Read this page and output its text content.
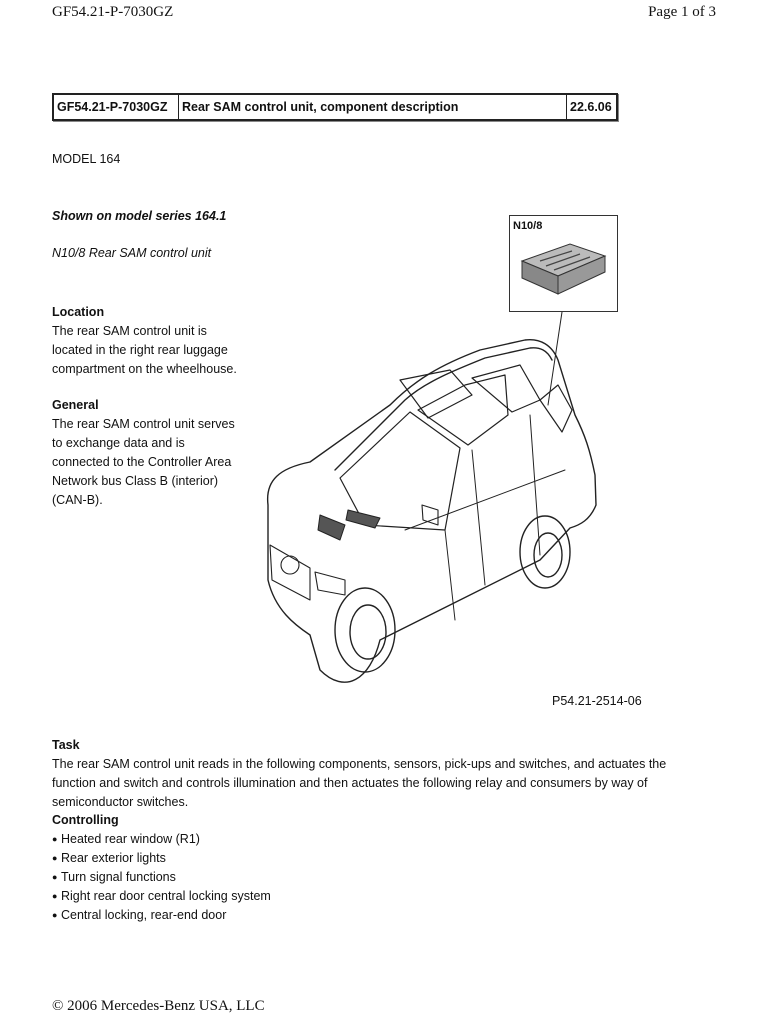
GF54.21-P-7030GZ	Page 1 of 3
GF54.21-P-7030GZ	Rear SAM control unit, component description	22.6.06
MODEL 164
Shown on model series 164.1
N10/8 Rear SAM control unit
Location
The rear SAM control unit is located in the right rear luggage compartment on the wheelhouse.
General
The rear SAM control unit serves to exchange data and is connected to the Controller Area Network bus Class B (interior) (CAN-B).
N10/8
P54.21-2514-06
Task
The rear SAM control unit reads in the following components, sensors, pick-ups and switches, and actuates the function and switch and controls illumination and then actuates the following relay and consumers by way of semiconductor switches.
Controlling
● Heated rear window (R1)
● Rear exterior lights
● Turn signal functions
● Right rear door central locking system
● Central locking, rear-end door
© 2006 Mercedes-Benz USA, LLC
